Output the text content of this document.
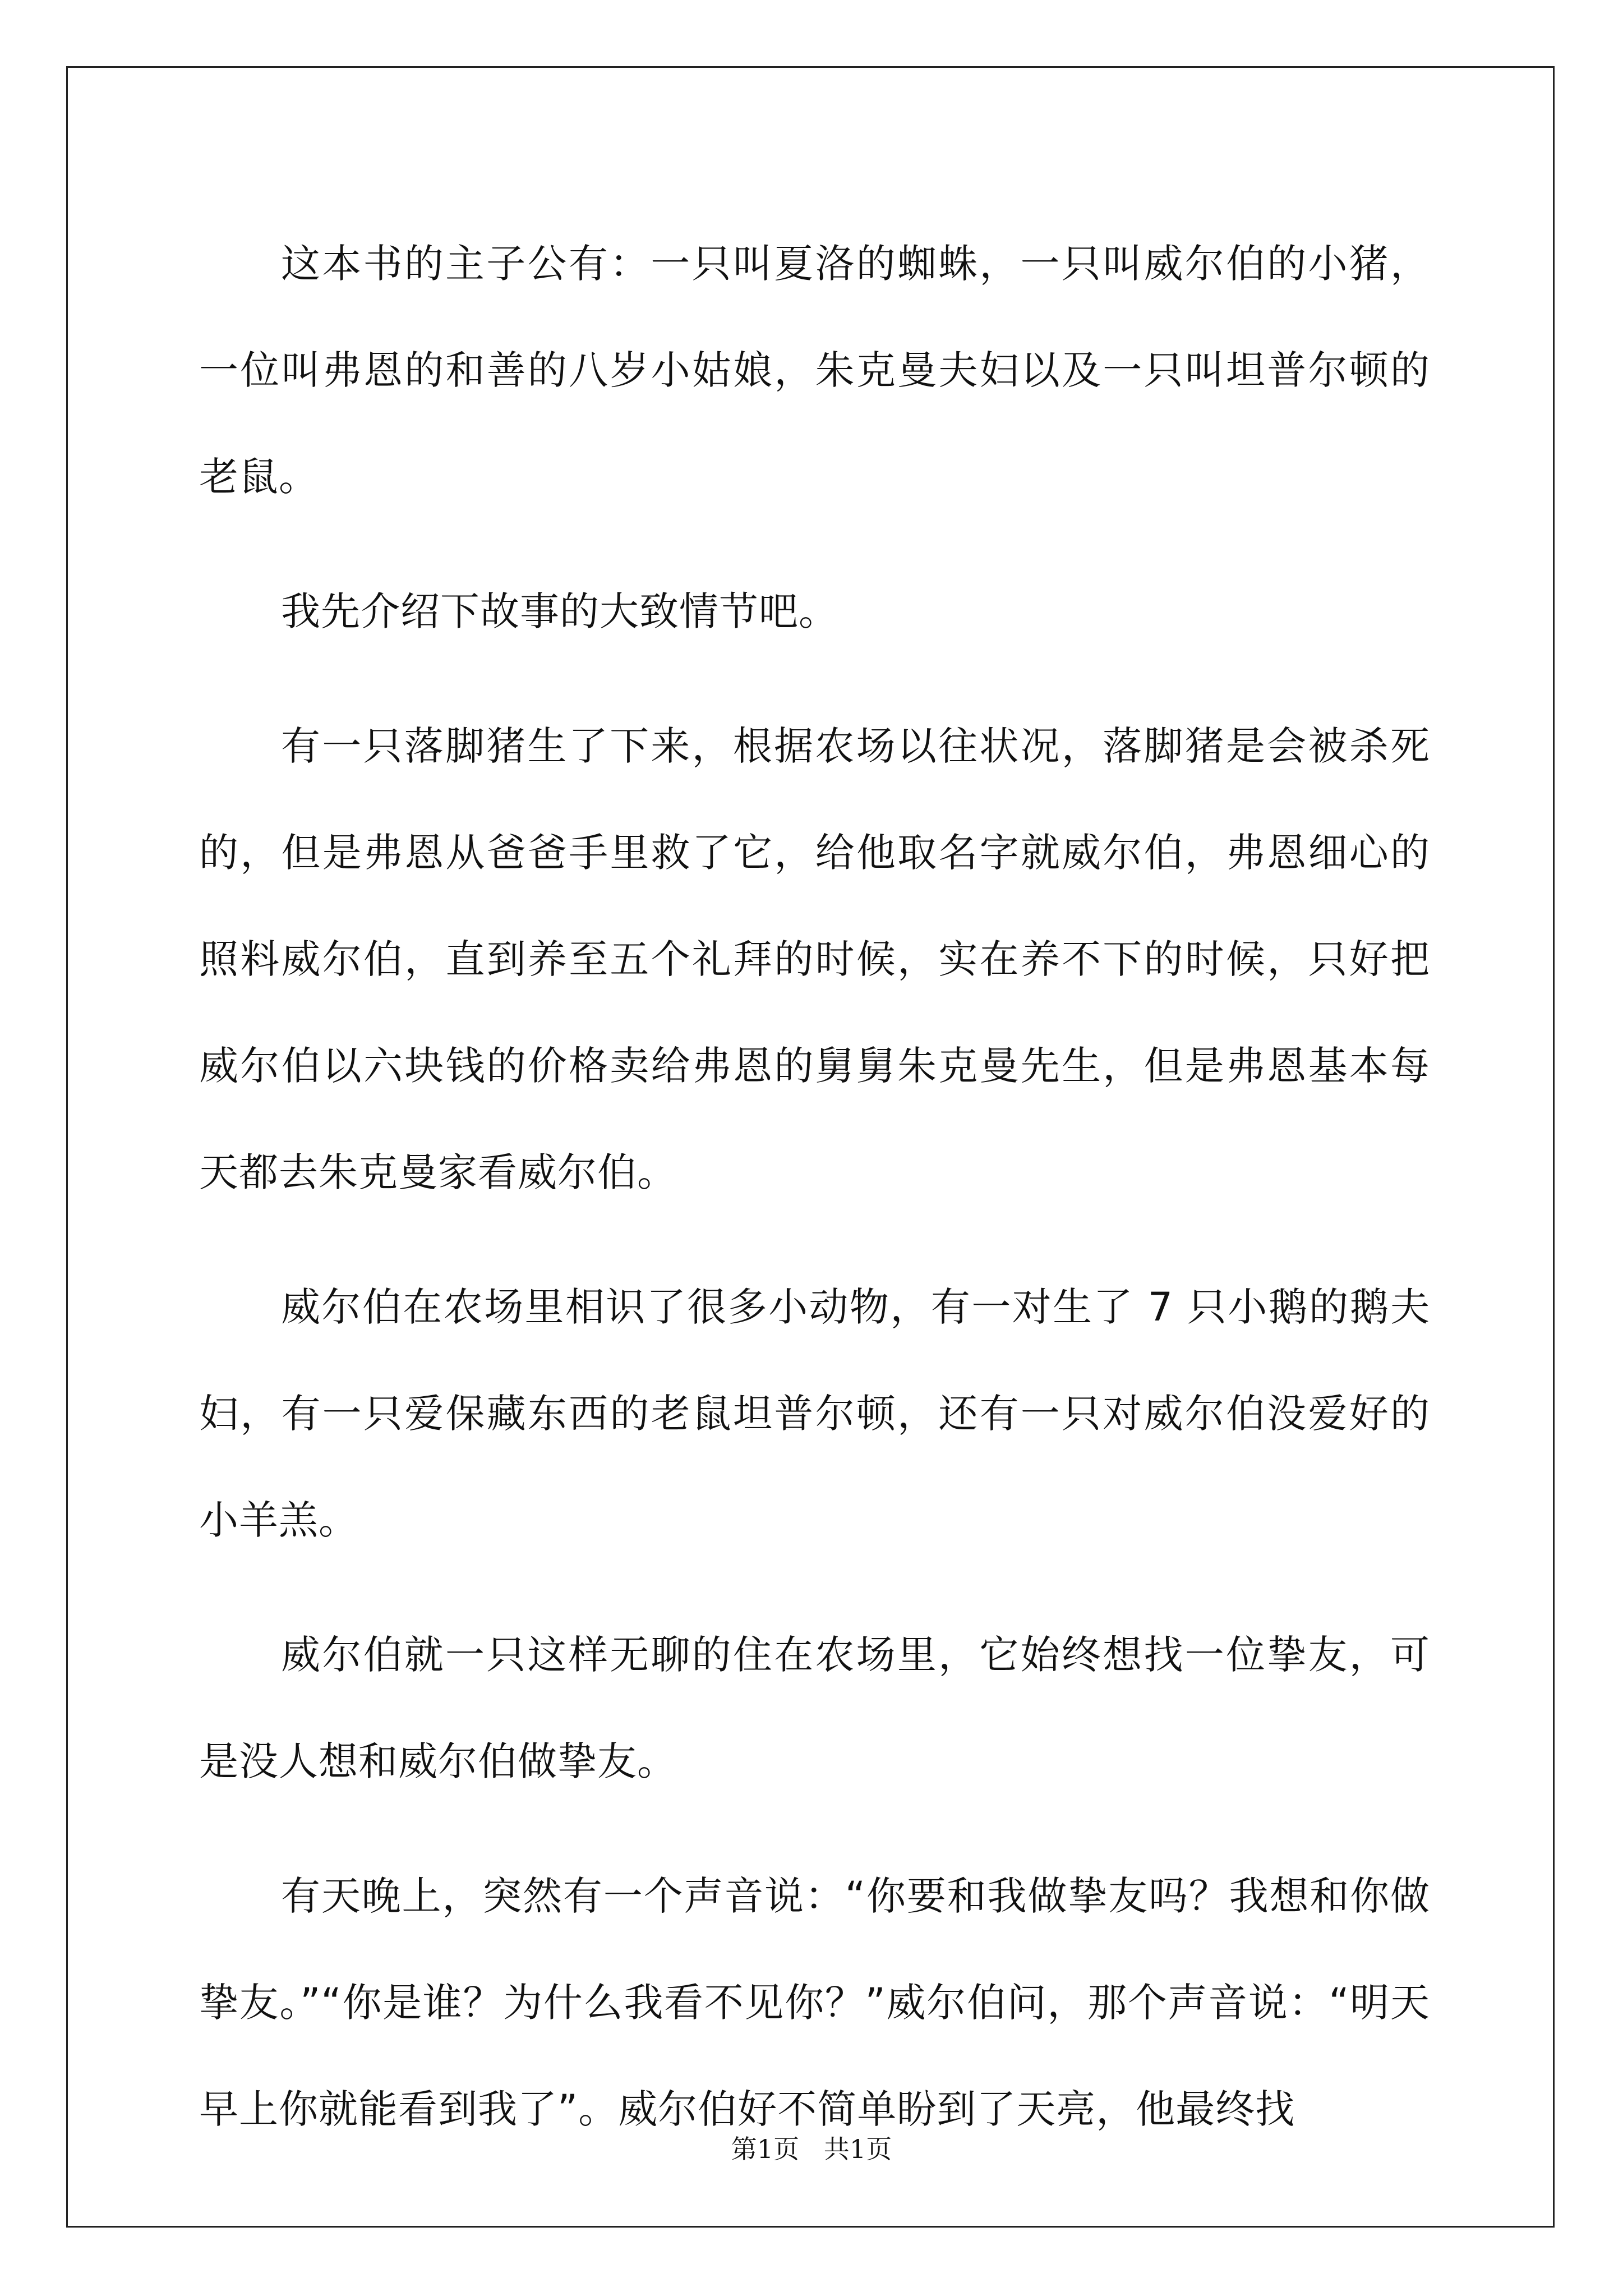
这本书的主子公有：一只叫夏洛的蜘蛛，一只叫威尔伯的小猪，一位叫弗恩的和善的八岁小姑娘，朱克曼夫妇以及一只叫坦普尔顿的老鼠。

我先介绍下故事的大致情节吧。

有一只落脚猪生了下来，根据农场以往状况，落脚猪是会被杀死的，但是弗恩从爸爸手里救了它，给他取名字就威尔伯，弗恩细心的照料威尔伯，直到养至五个礼拜的时候，实在养不下的时候，只好把威尔伯以六块钱的价格卖给弗恩的舅舅朱克曼先生，但是弗恩基本每天都去朱克曼家看威尔伯。

威尔伯在农场里相识了很多小动物，有一对生了 7 只小鹅的鹅夫妇，有一只爱保藏东西的老鼠坦普尔顿，还有一只对威尔伯没爱好的小羊羔。

威尔伯就一只这样无聊的住在农场里，它始终想找一位挚友，可是没人想和威尔伯做挚友。

有天晚上，突然有一个声音说：“你要和我做挚友吗？我想和你做挚友。”“你是谁？为什么我看不见你？”威尔伯问，那个声音说：“明天早上你就能看到我了”。威尔伯好不简单盼到了天亮，他最终找

第1页   共1页
